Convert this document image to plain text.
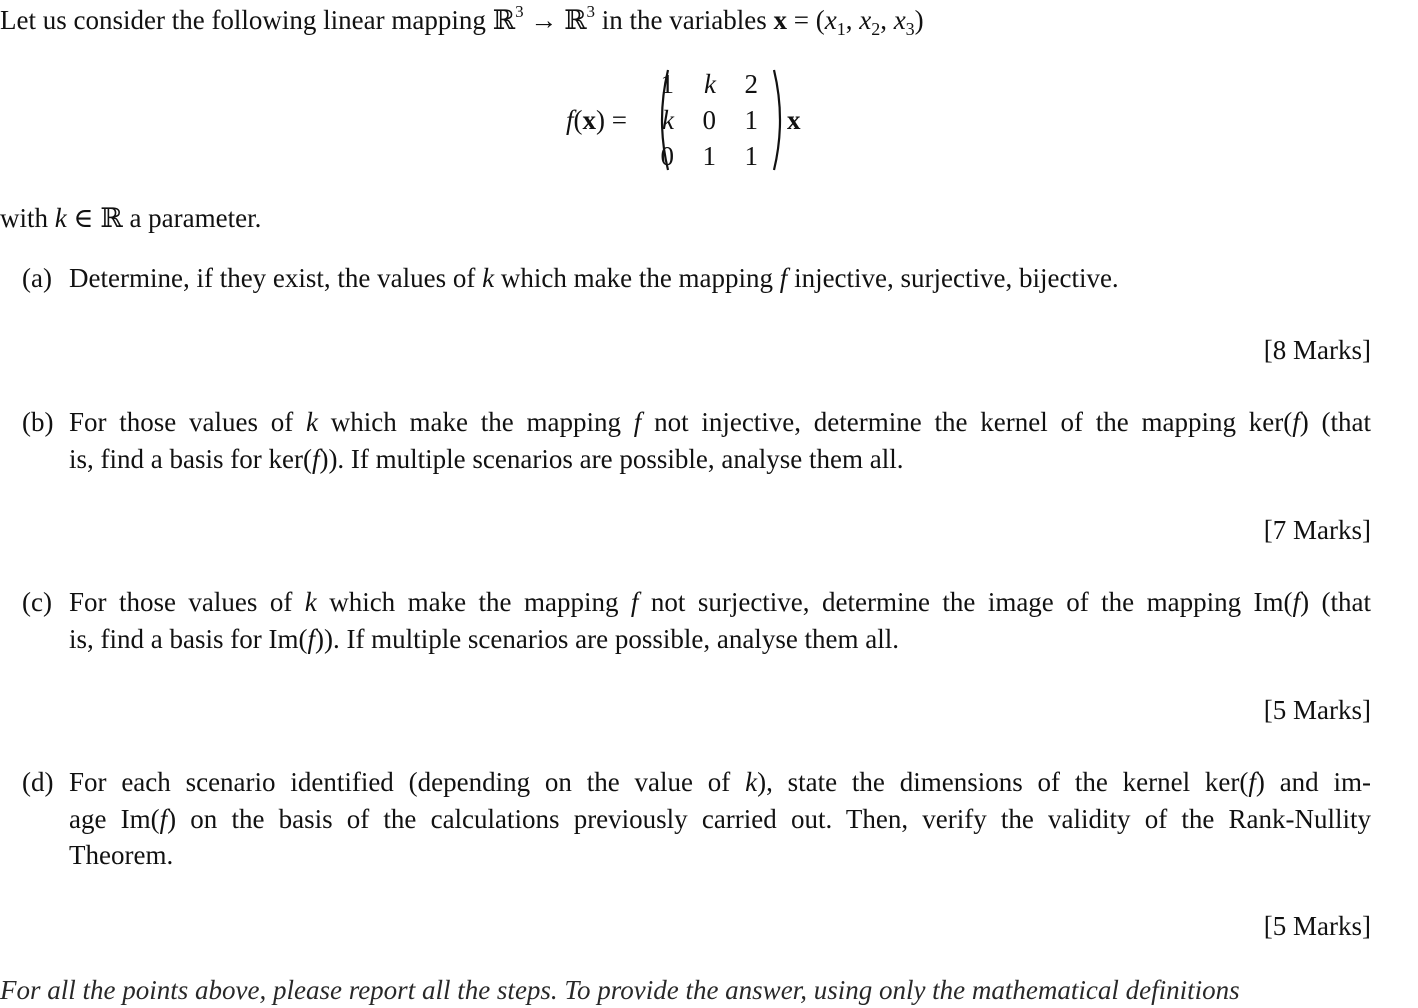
Let us consider the following linear mapping ℝ$^3$ → ℝ$^3$ in the variables $x = (x_1$, $x_2$, $x_3$)
f(x) =
1	k	2
k	0	1
0	1	1
x
with k ∈ ℝ a parameter.
(a) Determine, if they exist, the values of k which make the mapping f injective, surjective, bijective.
[8 Marks]
(b) For those values of k which make the mapping f not injective, determine the kernel of the mapping ker(f) (that
is, find a basis for ker(f)). If multiple scenarios are possible, analyse them all.
[7 Marks]
(c) For those values of k which make the mapping f not surjective, determine the image of the mapping Im(f) (that
is, find a basis for Im(f)). If multiple scenarios are possible, analyse them all.
[5 Marks]
(d) For each scenario identified (depending on the value of k), state the dimensions of the kernel ker(f) and im-
age Im(f) on the basis of the calculations previously carried out. Then, verify the validity of the Rank-Nullity
Theorem.
[5 Marks]
For all the points above, please report all the steps. To provide the answer, using only the mathematical definitions
